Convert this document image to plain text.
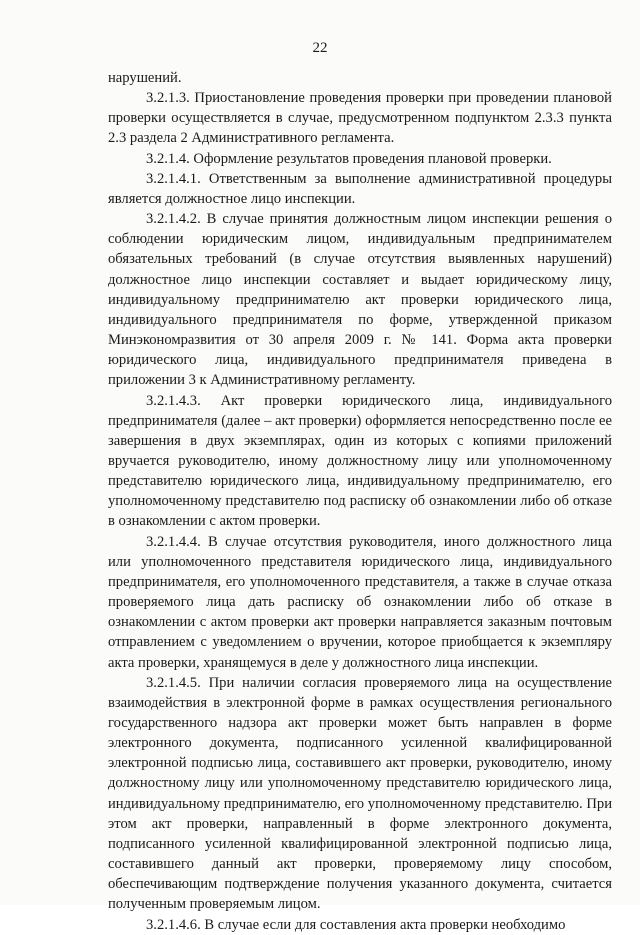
22

нарушений.

3.2.1.3. Приостановление проведения проверки при проведении плановой проверки осуществляется в случае, предусмотренном подпунктом 2.3.3 пункта 2.3 раздела 2 Административного регламента.

3.2.1.4. Оформление результатов проведения плановой проверки.

3.2.1.4.1. Ответственным за выполнение административной процедуры является должностное лицо инспекции.

3.2.1.4.2. В случае принятия должностным лицом инспекции решения о соблюдении юридическим лицом, индивидуальным предпринимателем обязательных требований (в случае отсутствия выявленных нарушений) должностное лицо инспекции составляет и выдает юридическому лицу, индивидуальному предпринимателю акт проверки юридического лица, индивидуального предпринимателя по форме, утвержденной приказом Минэкономразвития от 30 апреля 2009 г. № 141. Форма акта проверки юридического лица, индивидуального предпринимателя приведена в приложении 3 к Административному регламенту.

3.2.1.4.3. Акт проверки юридического лица, индивидуального предпринимателя (далее – акт проверки) оформляется непосредственно после ее завершения в двух экземплярах, один из которых с копиями приложений вручается руководителю, иному должностному лицу или уполномоченному представителю юридического лица, индивидуальному предпринимателю, его уполномоченному представителю под расписку об ознакомлении либо об отказе в ознакомлении с актом проверки.

3.2.1.4.4. В случае отсутствия руководителя, иного должностного лица или уполномоченного представителя юридического лица, индивидуального предпринимателя, его уполномоченного представителя, а также в случае отказа проверяемого лица дать расписку об ознакомлении либо об отказе в ознакомлении с актом проверки акт проверки направляется заказным почтовым отправлением с уведомлением о вручении, которое приобщается к экземпляру акта проверки, хранящемуся в деле у должностного лица инспекции.

3.2.1.4.5. При наличии согласия проверяемого лица на осуществление взаимодействия в электронной форме в рамках осуществления регионального государственного надзора акт проверки может быть направлен в форме электронного документа, подписанного усиленной квалифицированной электронной подписью лица, составившего акт проверки, руководителю, иному должностному лицу или уполномоченному представителю юридического лица, индивидуальному предпринимателю, его уполномоченному представителю. При этом акт проверки, направленный в форме электронного документа, подписанного усиленной квалифицированной электронной подписью лица, составившего данный акт проверки, проверяемому лицу способом, обеспечивающим подтверждение получения указанного документа, считается полученным проверяемым лицом.

3.2.1.4.6. В случае если для составления акта проверки необходимо
